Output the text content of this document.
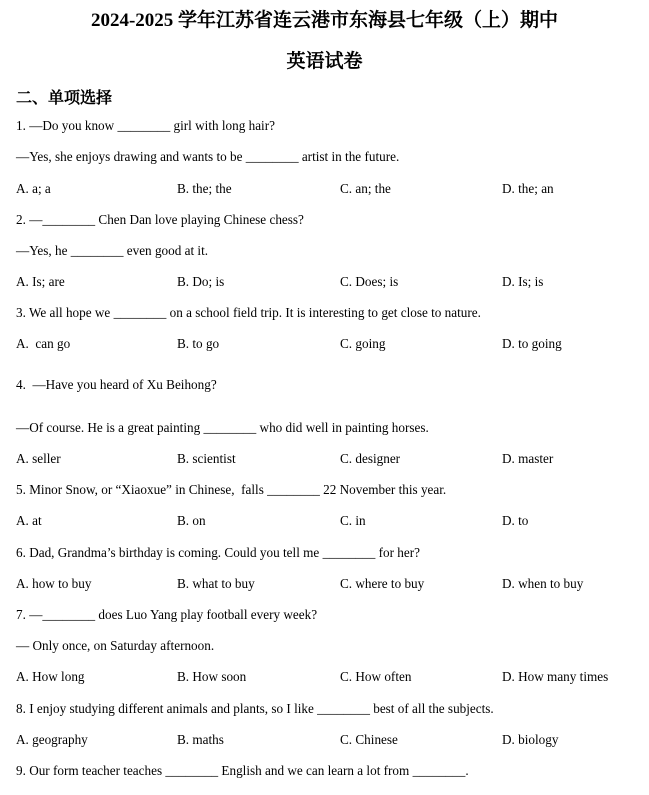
2024-2025 学年江苏省连云港市东海县七年级（上）期中
英语试卷
二、单项选择
1. —Do you know ________ girl with long hair?
—Yes, she enjoys drawing and wants to be ________ artist in the future.
A. a; a	B. the; the	C. an; the	D. the; an
2. —________ Chen Dan love playing Chinese chess?
—Yes, he ________ even good at it.
A. Is; are	B. Do; is	C. Does; is	D. Is; is
3. We all hope we ________ on a school field trip. It is interesting to get close to nature.
A.  can go	B. to go	C. going	D. to going
4.  —Have you heard of Xu Beihong?
—Of course. He is a great painting ________ who did well in painting horses.
A. seller	B. scientist	C. designer	D. master
5. Minor Snow, or “Xiaoxue” in Chinese,  falls ________ 22 November this year.
A. at	B. on	C. in	D. to
6. Dad, Grandma’s birthday is coming. Could you tell me ________ for her?
A. how to buy	B. what to buy	C. where to buy	D. when to buy
7. —________ does Luo Yang play football every week?
— Only once, on Saturday afternoon.
A. How long	B. How soon	C. How often	D. How many times
8. I enjoy studying different animals and plants, so I like ________ best of all the subjects.
A. geography	B. maths	C. Chinese	D. biology
9. Our form teacher teaches ________ English and we can learn a lot from ________.
